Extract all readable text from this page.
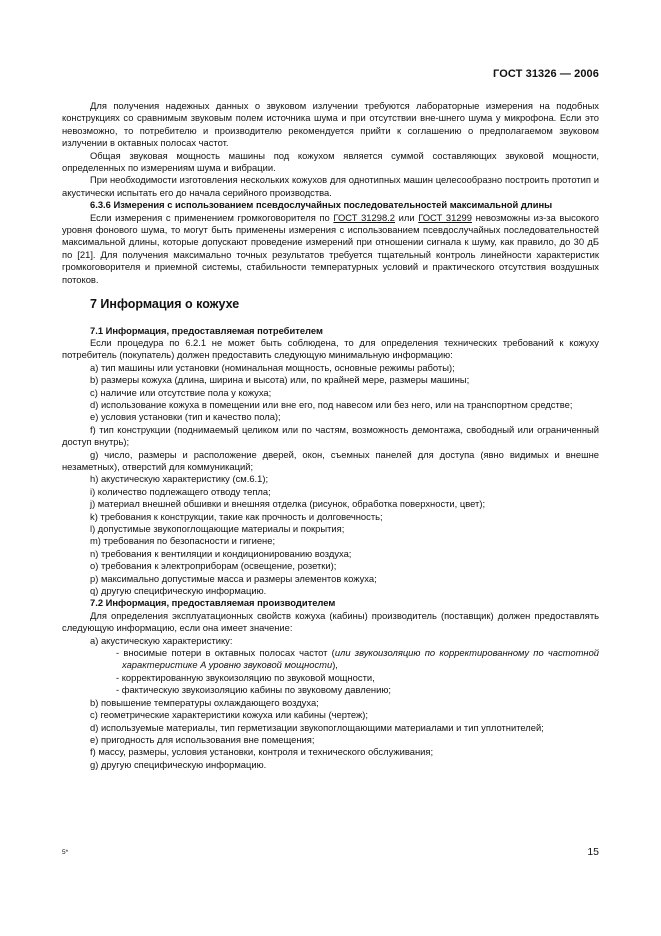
ГОСТ 31326 — 2006

Для получения надежных данных о звуковом излучении требуются лабораторные измерения на подобных конструкциях со сравнимым звуковым полем источника шума и при отсутствии вне-шнего шума у микрофона. Если это невозможно, то потребителю и производителю рекомендуется прийти к соглашению о предполагаемом звуковом излучении в октавных полосах частот.

Общая звуковая мощность машины под кожухом является суммой составляющих звуковой мощности, определенных по измерениям шума и вибрации.

При необходимости изготовления нескольких кожухов для однотипных машин целесообразно построить прототип и акустически испытать его до начала серийного производства.

6.3.6 Измерения с использованием псевдослучайных последовательностей максимальной длины

Если измерения с применением громкоговорителя по ГОСТ 31298.2 или ГОСТ 31299 невозможны из-за высокого уровня фонового шума, то могут быть применены измерения с использованием псевдослучайных последовательностей максимальной длины, которые допускают проведение измерений при отношении сигнала к шуму, как правило, до 30 дБ по [21]. Для получения максимально точных результатов требуется тщательный контроль линейности характеристик громкоговорителя и приемной системы, стабильности температурных условий и практического отсутствия воздушных потоков.

7 Информация о кожухе

7.1 Информация, предоставляемая потребителем

Если процедура по 6.2.1 не может быть соблюдена, то для определения технических требований к кожуху потребитель (покупатель) должен предоставить следующую минимальную информацию:

a) тип машины или установки (номинальная мощность, основные режимы работы);

b) размеры кожуха (длина, ширина и высота) или, по крайней мере, размеры машины;

c) наличие или отсутствие пола у кожуха;

d) использование кожуха в помещении или вне его, под навесом или без него, или на транспортном средстве;

e) условия установки (тип и качество пола);

f) тип конструкции (поднимаемый целиком или по частям, возможность демонтажа, свободный или ограниченный доступ внутрь);

g) число, размеры и расположение дверей, окон, съемных панелей для доступа (явно видимых и внешне незаметных), отверстий для коммуникаций;

h) акустическую характеристику (см.6.1);

i) количество подлежащего отводу тепла;

j) материал внешней обшивки и внешняя отделка (рисунок, обработка поверхности, цвет);

k) требования к конструкции, такие как прочность и долговечность;

l) допустимые звукопоглощающие материалы и покрытия;

m) требования по безопасности и гигиене;

n) требования к вентиляции и кондиционированию воздуха;

o) требования к электроприборам (освещение, розетки);

p) максимально допустимые масса и размеры элементов кожуха;

q) другую специфическую информацию.

7.2 Информация, предоставляемая производителем

Для определения эксплуатационных свойств кожуха (кабины) производитель (поставщик) должен предоставлять следующую информацию, если она имеет значение:

a) акустическую характеристику:

- вносимые потери в октавных полосах частот (или звукоизоляцию по корректированному по частотной характеристике A уровню звуковой мощности),

- корректированную звукоизоляцию по звуковой мощности,

- фактическую звукоизоляцию кабины по звуковому давлению;

b) повышение температуры охлаждающего воздуха;

c) геометрические характеристики кожуха или кабины (чертеж);

d) используемые материалы, тип герметизации звукопоглощающими материалами и тип уплотнителей;

e) пригодность для использования вне помещения;

f) массу, размеры, условия установки, контроля и технического обслуживания;

g) другую специфическую информацию.

5*	15
